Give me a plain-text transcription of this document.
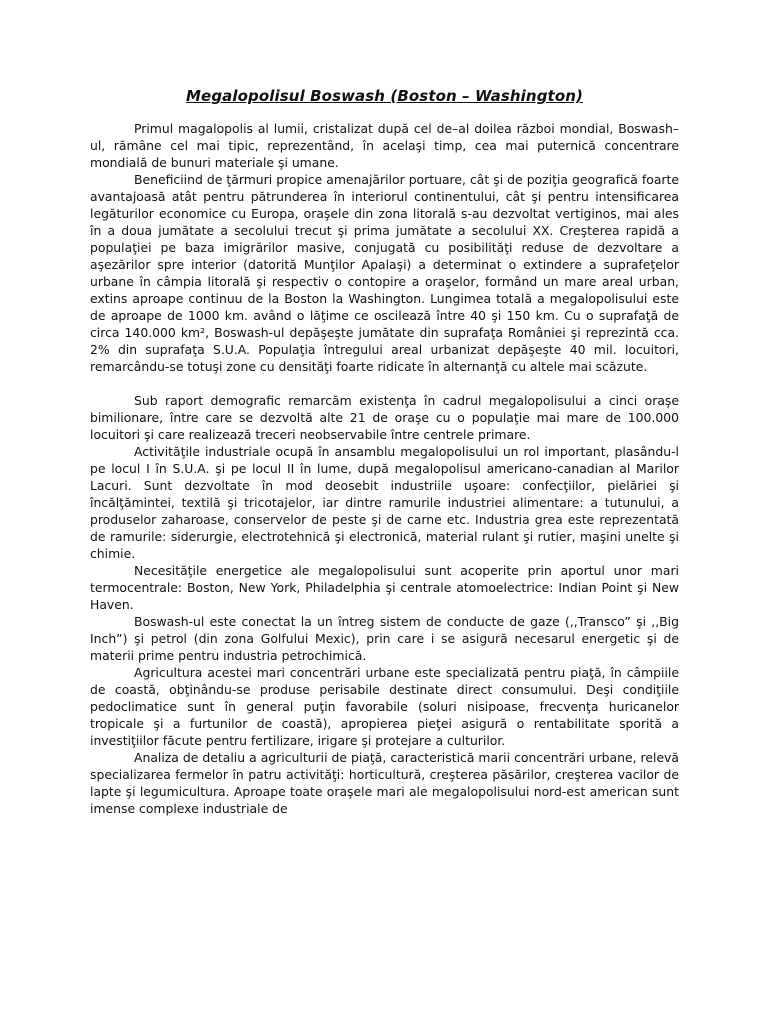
Megalopolisul Boswash (Boston – Washington)

Primul magalopolis al lumii, cristalizat după cel de–al doilea război mondial, Boswash–ul, rămâne cel mai tipic, reprezentând, în acelaşi timp, cea mai puternică concentrare mondială de bunuri materiale şi umane.

Beneficiind de ţărmuri propice amenajărilor portuare, cât şi de poziţia geografică foarte avantajoasă atât pentru pătrunderea în interiorul continentului, cât şi pentru intensificarea legăturilor economice cu Europa, oraşele din zona litorală s-au dezvoltat vertiginos, mai ales în a doua jumătate a secolului trecut şi prima jumătate a secolului XX. Creşterea rapidă a populaţiei pe baza imigrărilor masive, conjugată cu posibilităţi reduse de dezvoltare a aşezărilor spre interior (datorită Munţilor Apalaşi) a determinat o extindere a suprafeţelor urbane în câmpia litorală şi respectiv o contopire a oraşelor, formând un mare areal urban, extins aproape continuu de la Boston la Washington. Lungimea totală a megalopolisului este de aproape de 1000 km. având o lăţime ce oscilează între 40 şi 150 km. Cu o suprafaţă de circa 140.000 km², Boswash-ul depăşeşte jumătate din suprafaţa României şi reprezintă cca. 2% din suprafaţa S.U.A. Populaţia întregului areal urbanizat depăşeşte 40 mil. locuitori, remarcându-se totuşi zone cu densităţi foarte ridicate în alternanţă cu altele mai scăzute.

Sub raport demografic remarcăm existenţa în cadrul megalopolisului a cinci oraşe bimilionare, între care se dezvoltă alte 21 de oraşe cu o populaţie mai mare de 100.000 locuitori şi care realizează treceri neobservabile între centrele primare.

Activităţile industriale ocupă în ansamblu megalopolisului un rol important, plasându-l pe locul I în S.U.A. şi pe locul II în lume, după megalopolisul americano-canadian al Marilor Lacuri. Sunt dezvoltate în mod deosebit industriile uşoare: confecţiilor, pielăriei şi încălţămintei, textilă şi tricotajelor, iar dintre ramurile industriei alimentare: a tutunului, a produselor zaharoase, conservelor de peste şi de carne etc. Industria grea este reprezentată de ramurile: siderurgie, electrotehnică şi electronică, material rulant şi rutier, maşini unelte şi chimie.

Necesităţile energetice ale megalopolisului sunt acoperite prin aportul unor mari termocentrale: Boston, New York, Philadelphia şi centrale atomoelectrice: Indian Point şi New Haven.

Boswash-ul este conectat la un întreg sistem de conducte de gaze (,,Transco” şi ,,Big Inch”) şi petrol (din zona Golfului Mexic), prin care i se asigură necesarul energetic şi de materii prime pentru industria petrochimică.

Agricultura acestei mari concentrări urbane este specializată pentru piaţă, în câmpiile de coastă, obţinându-se produse perisabile destinate direct consumului. Deşi condiţiile pedoclimatice sunt în general puţin favorabile (soluri nisipoase, frecvenţa huricanelor tropicale şi a furtunilor de coastă), apropierea pieţei asigură o rentabilitate sporită a investiţiilor făcute pentru fertilizare, irigare şi protejare a culturilor.

Analiza de detaliu a agriculturii de piaţă, caracteristică marii concentrări urbane, relevă specializarea fermelor în patru activităţi: horticultură, creşterea păsărilor, creşterea vacilor de lapte şi legumicultura. Aproape toate oraşele mari ale megalopolisului nord-est american sunt imense complexe industriale de
